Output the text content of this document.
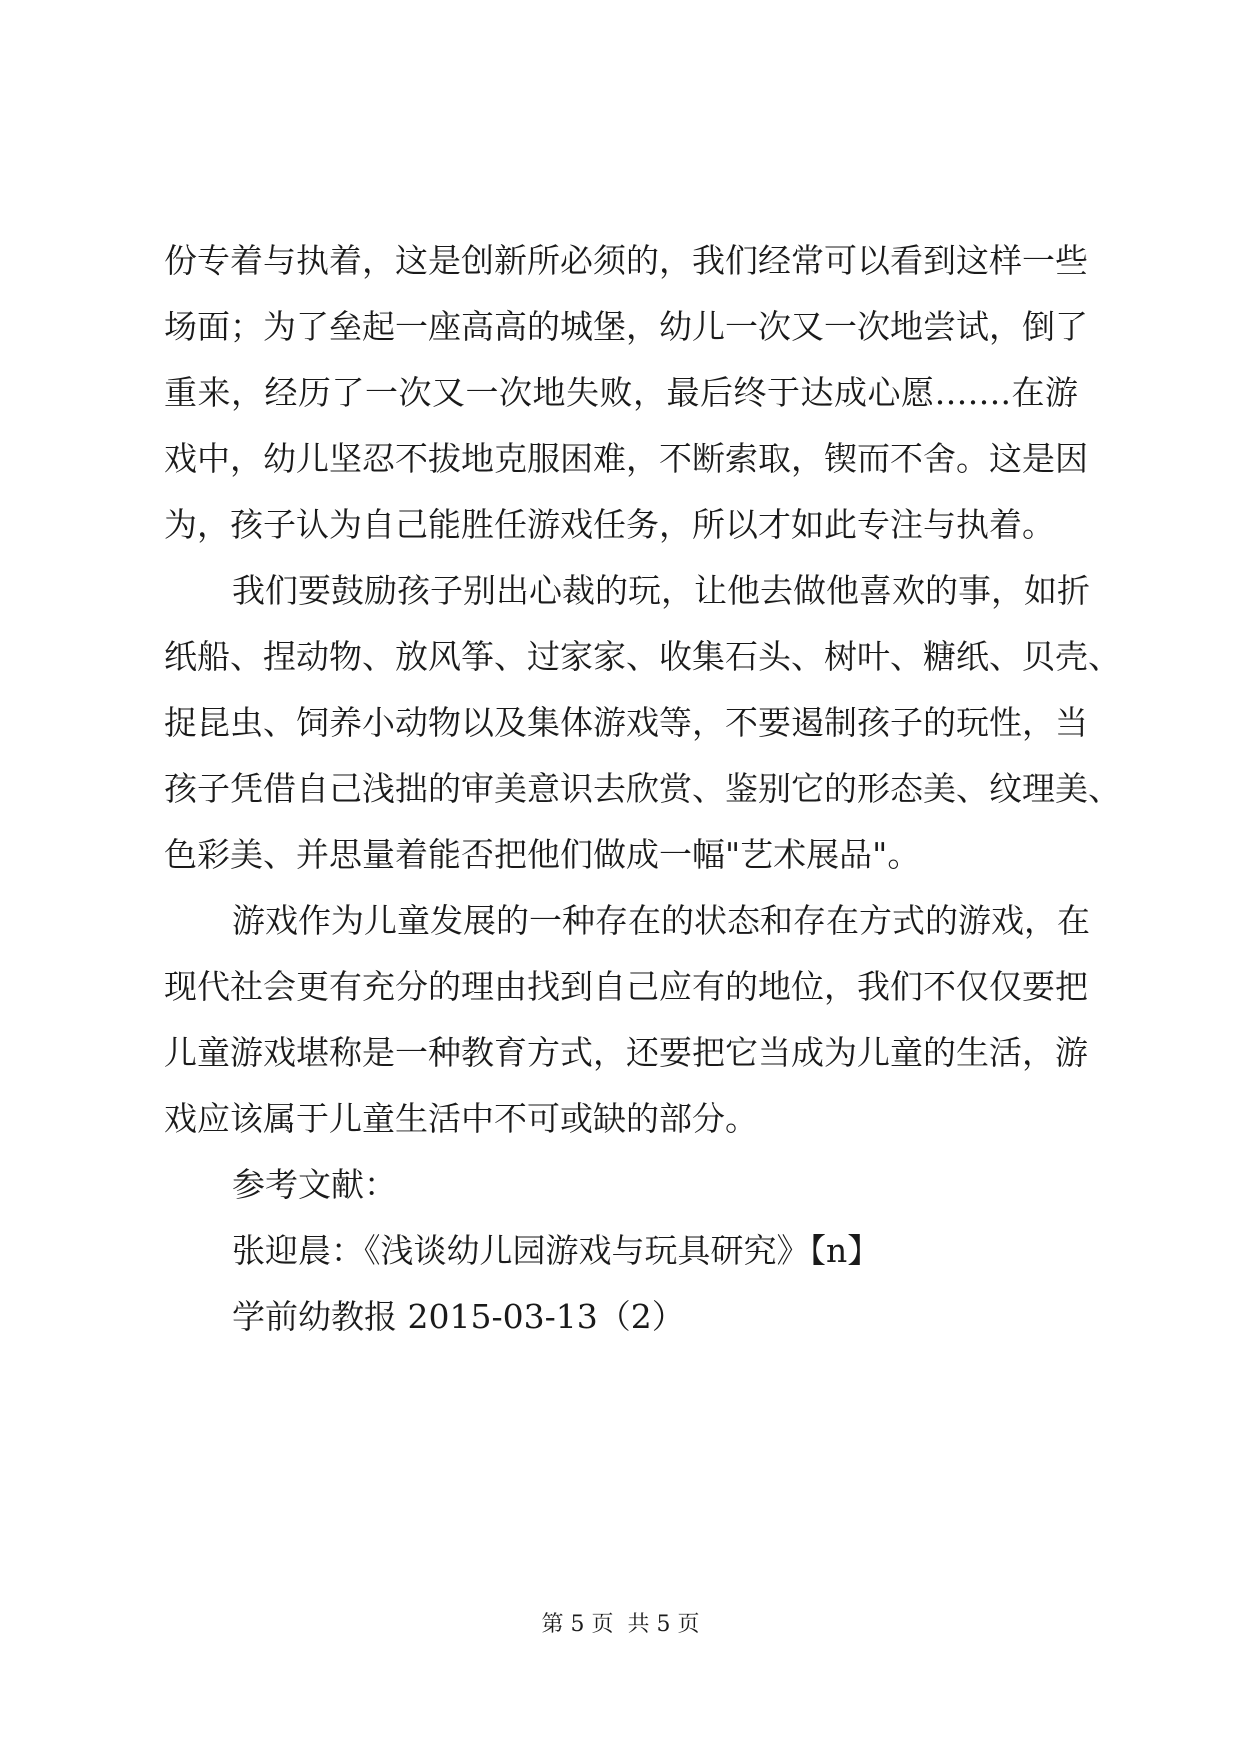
份专着与执着，这是创新所必须的，我们经常可以看到这样一些
场面；为了垒起一座高高的城堡，幼儿一次又一次地尝试，倒了
重来，经历了一次又一次地失败，最后终于达成心愿…….在游
戏中，幼儿坚忍不拔地克服困难，不断索取，锲而不舍。这是因
为，孩子认为自己能胜任游戏任务，所以才如此专注与执着。
我们要鼓励孩子别出心裁的玩，让他去做他喜欢的事，如折
纸船、捏动物、放风筝、过家家、收集石头、树叶、糖纸、贝壳、
捉昆虫、饲养小动物以及集体游戏等，不要遏制孩子的玩性，当
孩子凭借自己浅拙的审美意识去欣赏、鉴别它的形态美、纹理美、
色彩美、并思量着能否把他们做成一幅"艺术展品"。
游戏作为儿童发展的一种存在的状态和存在方式的游戏，在
现代社会更有充分的理由找到自己应有的地位，我们不仅仅要把
儿童游戏堪称是一种教育方式，还要把它当成为儿童的生活，游
戏应该属于儿童生活中不可或缺的部分。
参考文献：
张迎晨：《浅谈幼儿园游戏与玩具研究》【n】
学前幼教报 2015-03-13（2）
第 5 页  共 5 页
